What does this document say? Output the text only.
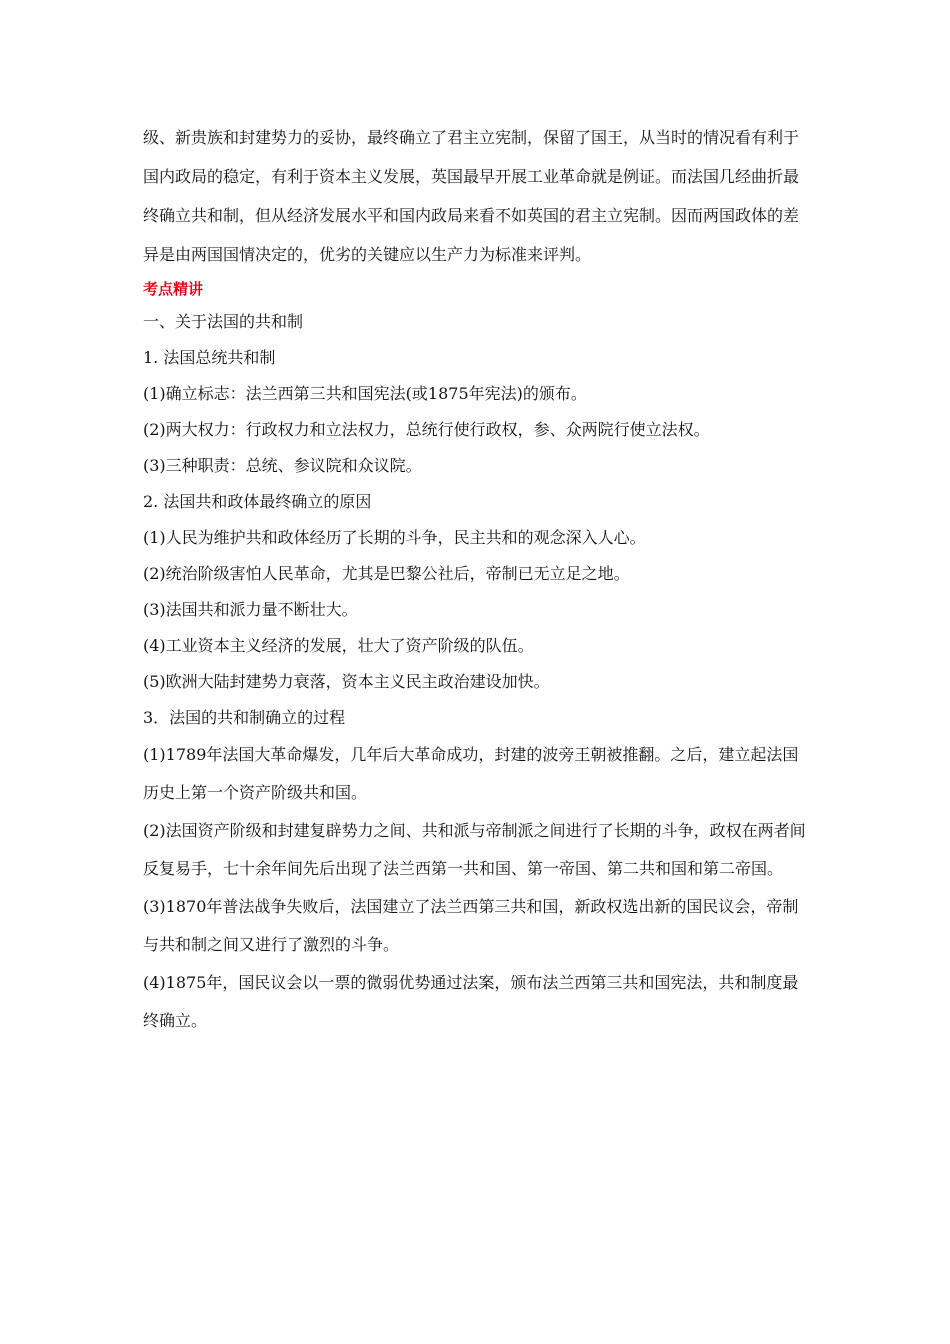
级、新贵族和封建势力的妥协，最终确立了君主立宪制，保留了国王，从当时的情况看有利于国内政局的稳定，有利于资本主义发展，英国最早开展工业革命就是例证。而法国几经曲折最终确立共和制，但从经济发展水平和国内政局来看不如英国的君主立宪制。因而两国政体的差异是由两国国情决定的，优劣的关键应以生产力为标准来评判。

考点精讲

一、关于法国的共和制

1. 法国总统共和制

(1)确立标志：法兰西第三共和国宪法(或1875年宪法)的颁布。

(2)两大权力：行政权力和立法权力，总统行使行政权，参、众两院行使立法权。

(3)三种职责：总统、参议院和众议院。

2. 法国共和政体最终确立的原因

(1)人民为维护共和政体经历了长期的斗争，民主共和的观念深入人心。

(2)统治阶级害怕人民革命，尤其是巴黎公社后，帝制已无立足之地。

(3)法国共和派力量不断壮大。

(4)工业资本主义经济的发展，壮大了资产阶级的队伍。

(5)欧洲大陆封建势力衰落，资本主义民主政治建设加快。

3．法国的共和制确立的过程

(1)1789年法国大革命爆发，几年后大革命成功，封建的波旁王朝被推翻。之后，建立起法国历史上第一个资产阶级共和国。

(2)法国资产阶级和封建复辟势力之间、共和派与帝制派之间进行了长期的斗争，政权在两者间反复易手，七十余年间先后出现了法兰西第一共和国、第一帝国、第二共和国和第二帝国。

(3)1870年普法战争失败后，法国建立了法兰西第三共和国，新政权选出新的国民议会，帝制与共和制之间又进行了激烈的斗争。

(4)1875年，国民议会以一票的微弱优势通过法案，颁布法兰西第三共和国宪法，共和制度最终确立。
